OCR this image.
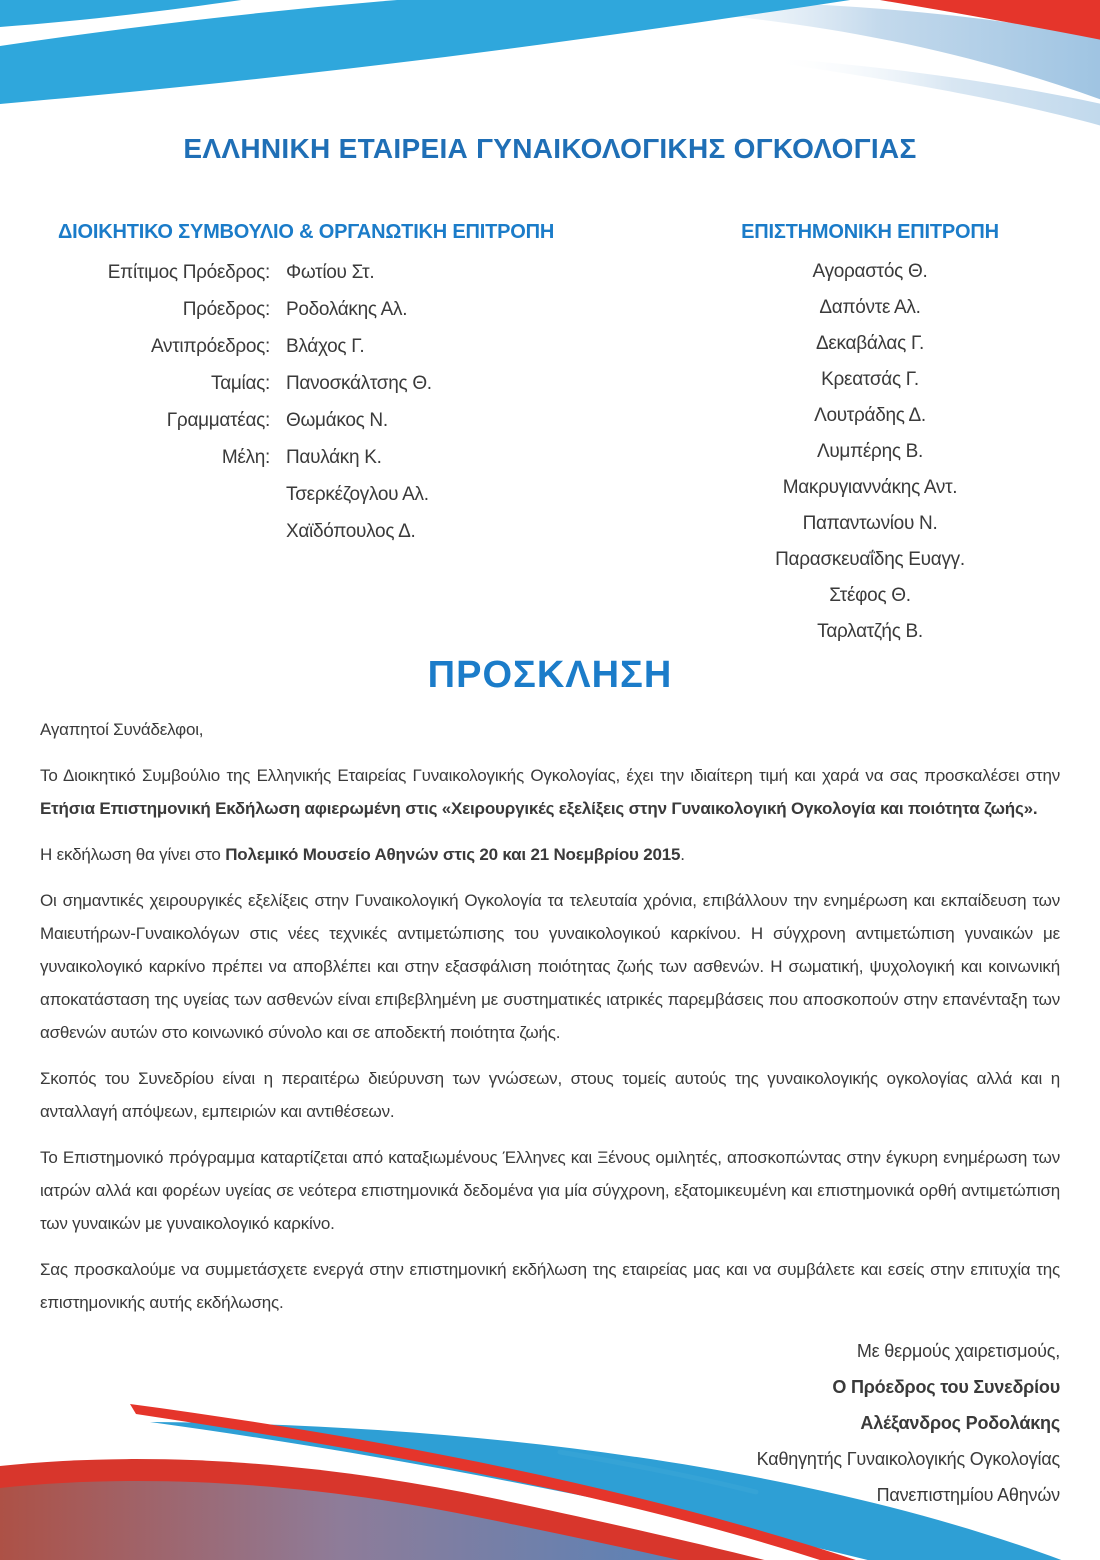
ΕΛΛΗΝΙΚΗ ΕΤΑΙΡΕΙΑ ΓΥΝΑΙΚΟΛΟΓΙΚΗΣ ΟΓΚΟΛΟΓΙΑΣ
ΔΙΟΙΚΗΤΙΚΟ ΣΥΜΒΟΥΛΙΟ & ΟΡΓΑΝΩΤΙΚΗ ΕΠΙΤΡΟΠΗ
Επίτιμος Πρόεδρος: Φωτίου Στ.
Πρόεδρος: Ροδολάκης Αλ.
Αντιπρόεδρος: Βλάχος Γ.
Ταμίας: Πανοσκάλτσης Θ.
Γραμματέας: Θωμάκος Ν.
Μέλη: Παυλάκη Κ.
Τσερκέζογλου Αλ.
Χαϊδόπουλος Δ.
ΕΠΙΣΤΗΜΟΝΙΚΗ ΕΠΙΤΡΟΠΗ
Αγοραστός Θ.
Δαπόντε Αλ.
Δεκαβάλας Γ.
Κρεατσάς Γ.
Λουτράδης Δ.
Λυμπέρης Β.
Μακρυγιαννάκης Αντ.
Παπαντωνίου Ν.
Παρασκευαΐδης Ευαγγ.
Στέφος Θ.
Ταρλατζής Β.
ΠΡΟΣΚΛΗΣΗ

Αγαπητοί Συνάδελφοι,

Το Διοικητικό Συμβούλιο της Ελληνικής Εταιρείας Γυναικολογικής Ογκολογίας, έχει την ιδιαίτερη τιμή και χαρά να σας προσκαλέσει στην Ετήσια Επιστημονική Εκδήλωση αφιερωμένη στις «Χειρουργικές εξελίξεις στην Γυναικολογική Ογκολογία και ποιότητα ζωής».

Η εκδήλωση θα γίνει στο Πολεμικό Μουσείο Αθηνών στις 20 και 21 Νοεμβρίου 2015.

Οι σημαντικές χειρουργικές εξελίξεις στην Γυναικολογική Ογκολογία τα τελευταία χρόνια, επιβάλλουν την ενημέρωση και εκπαίδευση των Μαιευτήρων-Γυναικολόγων στις νέες τεχνικές αντιμετώπισης του γυναικολογικού καρκίνου. Η σύγχρονη αντιμετώπιση γυναικών με γυναικολογικό καρκίνο πρέπει να αποβλέπει και στην εξασφάλιση ποιότητας ζωής των ασθενών. Η σωματική, ψυχολογική και κοινωνική αποκατάσταση της υγείας των ασθενών είναι επιβεβλημένη με συστηματικές ιατρικές παρεμβάσεις που αποσκοπούν στην επανένταξη των ασθενών αυτών στο κοινωνικό σύνολο και σε αποδεκτή ποιότητα ζωής.

Σκοπός του Συνεδρίου είναι η περαιτέρω διεύρυνση των γνώσεων, στους τομείς αυτούς της γυναικολογικής ογκολογίας αλλά και η ανταλλαγή απόψεων, εμπειριών και αντιθέσεων.

Το Επιστημονικό πρόγραμμα καταρτίζεται από καταξιωμένους Έλληνες και Ξένους ομιλητές, αποσκοπώντας στην έγκυρη ενημέρωση των ιατρών αλλά και φορέων υγείας σε νεότερα επιστημονικά δεδομένα για μία σύγχρονη, εξατομικευμένη και επιστημονικά ορθή αντιμετώπιση των γυναικών με γυναικολογικό καρκίνο.

Σας προσκαλούμε να συμμετάσχετε ενεργά στην επιστημονική εκδήλωση της εταιρείας μας και να συμβάλετε και εσείς στην επιτυχία της επιστημονικής αυτής εκδήλωσης.

Με θερμούς χαιρετισμούς,

Ο Πρόεδρος του Συνεδρίου

Αλέξανδρος Ροδολάκης

Καθηγητής Γυναικολογικής Ογκολογίας

Πανεπιστημίου Αθηνών
